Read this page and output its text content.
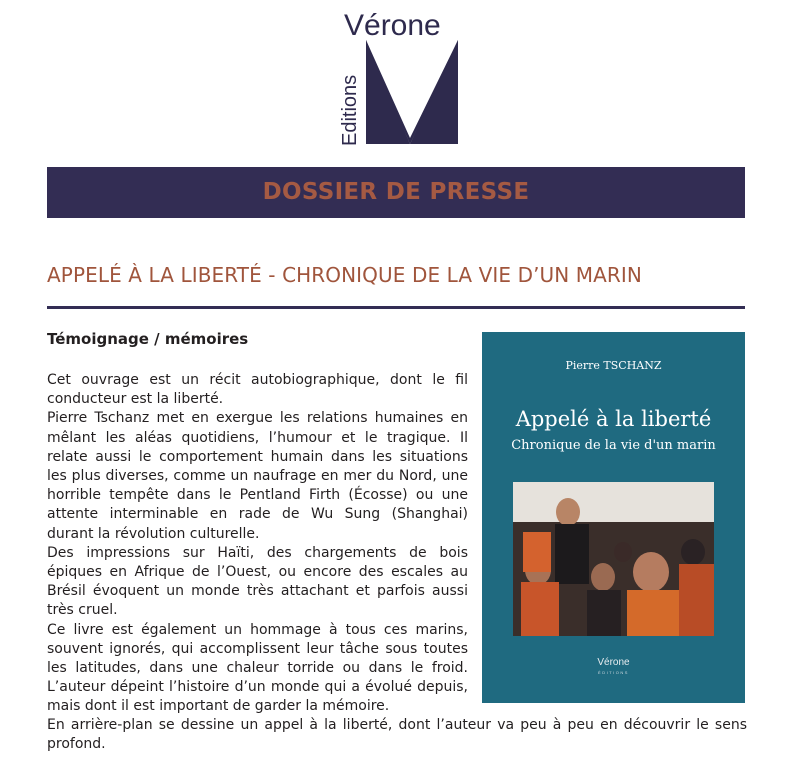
Vérone
Editions
DOSSIER DE PRESSE
APPELÉ À LA LIBERTÉ - CHRONIQUE DE LA VIE D’UN MARIN
Témoignage / mémoires

Cet ouvrage est un récit autobiographique, dont le fil conducteur est la liberté.

Pierre Tschanz met en exergue les relations humaines en mêlant les aléas quotidiens, l’humour et le tragique. Il relate aussi le comportement humain dans les situations les plus diverses, comme un naufrage en mer du Nord, une horrible tempête dans le Pentland Firth (Écosse) ou une attente interminable en rade de Wu Sung (Shanghai) durant la révolution culturelle.

Des impressions sur Haïti, des chargements de bois épiques en Afrique de l’Ouest, ou encore des escales au Brésil évoquent un monde très attachant et parfois aussi très cruel.

Ce livre est également un hommage à tous ces marins, souvent ignorés, qui accomplissent leur tâche sous toutes les latitudes, dans une chaleur torride ou dans le froid. L’auteur dépeint l’histoire d’un monde qui a évolué depuis, mais dont il est important de garder la mémoire.

En arrière-plan se dessine un appel à la liberté, dont l’auteur va peu à peu en découvrir le sens profond.
Pierre TSCHANZ
Appelé à la liberté
Chronique de la vie d'un marin
Vérone
ÉDITIONS
